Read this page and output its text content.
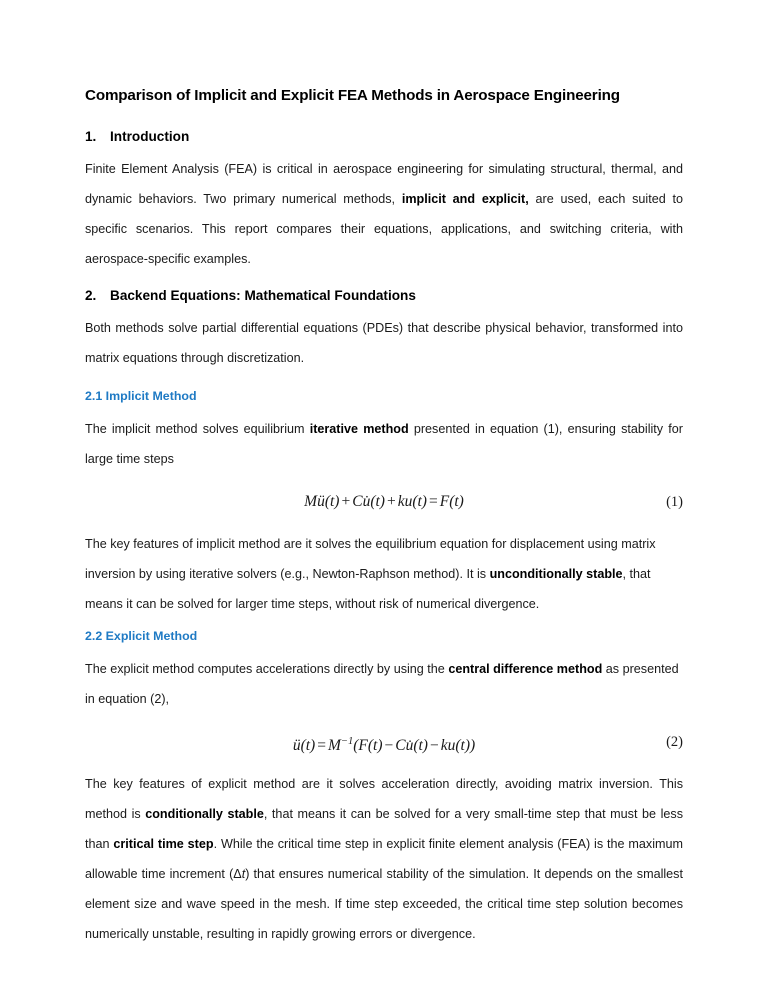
Comparison of Implicit and Explicit FEA Methods in Aerospace Engineering
1.	Introduction

Finite Element Analysis (FEA) is critical in aerospace engineering for simulating structural, thermal, and dynamic behaviors. Two primary numerical methods, implicit and explicit, are used, each suited to specific scenarios. This report compares their equations, applications, and switching criteria, with aerospace-specific examples.

2.	Backend Equations: Mathematical Foundations

Both methods solve partial differential equations (PDEs) that describe physical behavior, transformed into matrix equations through discretization.

2.1 Implicit Method

The implicit method solves equilibrium iterative method presented in equation (1), ensuring stability for large time steps

Mü(t) + Cu̇(t) + ku(t) = F(t)	(1)

The key features of implicit method are it solves the equilibrium equation for displacement using matrix inversion by using iterative solvers (e.g., Newton-Raphson method). It is unconditionally stable, that means it can be solved for larger time steps, without risk of numerical divergence.

2.2 Explicit Method

The explicit method computes accelerations directly by using the central difference method as presented in equation (2),

ü(t) = $M^{-1}(F(t)$ − Cu̇(t) − ku(t))	(2)

The key features of explicit method are it solves acceleration directly, avoiding matrix inversion. This method is conditionally stable, that means it can be solved for a very small-time step that must be less than critical time step. While the critical time step in explicit finite element analysis (FEA) is the maximum allowable time increment (Δt) that ensures numerical stability of the simulation. It depends on the smallest element size and wave speed in the mesh. If time step exceeded, the critical time step solution becomes numerically unstable, resulting in rapidly growing errors or divergence.
